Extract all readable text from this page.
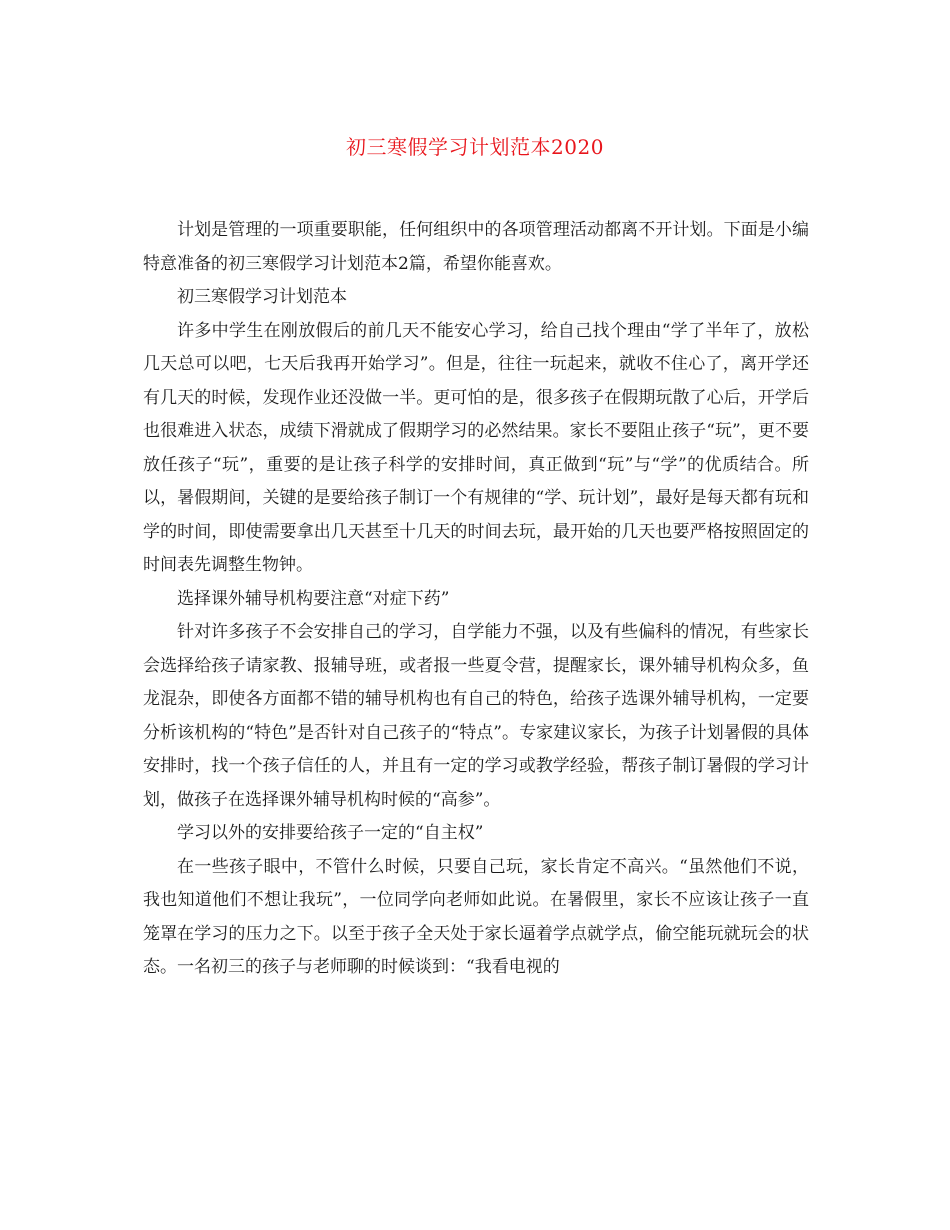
初三寒假学习计划范本2020

计划是管理的一项重要职能，任何组织中的各项管理活动都离不开计划。下面是小编特意准备的初三寒假学习计划范本2篇，希望你能喜欢。

初三寒假学习计划范本

许多中学生在刚放假后的前几天不能安心学习，给自己找个理由“学了半年了，放松几天总可以吧，七天后我再开始学习”。但是，往往一玩起来，就收不住心了，离开学还有几天的时候，发现作业还没做一半。更可怕的是，很多孩子在假期玩散了心后，开学后也很难进入状态，成绩下滑就成了假期学习的必然结果。家长不要阻止孩子“玩”，更不要放任孩子“玩”，重要的是让孩子科学的安排时间，真正做到“玩”与“学”的优质结合。所以，暑假期间，关键的是要给孩子制订一个有规律的“学、玩计划”，最好是每天都有玩和学的时间，即使需要拿出几天甚至十几天的时间去玩，最开始的几天也要严格按照固定的时间表先调整生物钟。

选择课外辅导机构要注意“对症下药”

针对许多孩子不会安排自己的学习，自学能力不强，以及有些偏科的情况，有些家长会选择给孩子请家教、报辅导班，或者报一些夏令营，提醒家长，课外辅导机构众多，鱼龙混杂，即使各方面都不错的辅导机构也有自己的特色，给孩子选课外辅导机构，一定要分析该机构的“特色”是否针对自己孩子的“特点”。专家建议家长，为孩子计划暑假的具体安排时，找一个孩子信任的人，并且有一定的学习或教学经验，帮孩子制订暑假的学习计划，做孩子在选择课外辅导机构时候的“高参”。

学习以外的安排要给孩子一定的“自主权”

在一些孩子眼中，不管什么时候，只要自己玩，家长肯定不高兴。“虽然他们不说，我也知道他们不想让我玩”，一位同学向老师如此说。在暑假里，家长不应该让孩子一直笼罩在学习的压力之下。以至于孩子全天处于家长逼着学点就学点，偷空能玩就玩会的状态。一名初三的孩子与老师聊的时候谈到：“我看电视的
